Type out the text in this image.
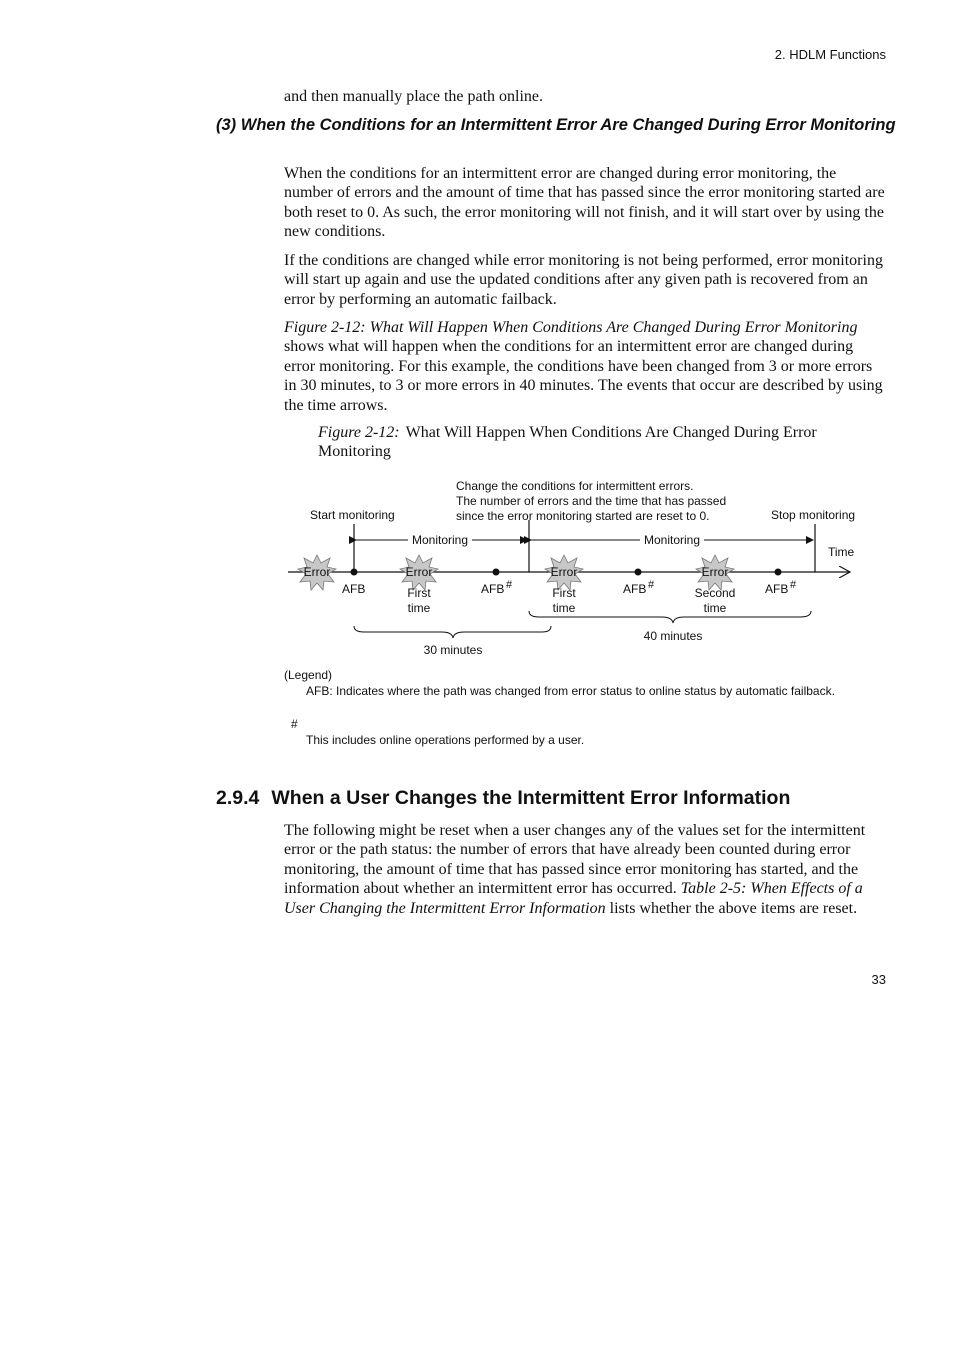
2. HDLM Functions

and then manually place the path online.

(3) When the Conditions for an Intermittent Error Are Changed During Error Monitoring

When the conditions for an intermittent error are changed during error monitoring, the number of errors and the amount of time that has passed since the error monitoring started are both reset to 0. As such, the error monitoring will not finish, and it will start over by using the new conditions.

If the conditions are changed while error monitoring is not being performed, error monitoring will start up again and use the updated conditions after any given path is recovered from an error by performing an automatic failback.

Figure 2-12: What Will Happen When Conditions Are Changed During Error Monitoring shows what will happen when the conditions for an intermittent error are changed during error monitoring. For this example, the conditions have been changed from 3 or more errors in 30 minutes, to 3 or more errors in 40 minutes. The events that occur are described by using the time arrows.

Figure 2-12: What Will Happen When Conditions Are Changed During Error Monitoring

Change the conditions for intermittent errors.
The number of errors and the time that has passed
since the error monitoring started are reset to 0.
Start monitoring	Stop monitoring
Monitoring	Monitoring
Time
Error	Error	Error	Error
AFB	AFB #	AFB #	AFB #
First
time
First
time
Second
time
30 minutes
40 minutes
(Legend)
AFB: Indicates where the path was changed from error status to online status by automatic failback.
#
This includes online operations performed by a user.
2.9.4 When a User Changes the Intermittent Error Information

The following might be reset when a user changes any of the values set for the intermittent error or the path status: the number of errors that have already been counted during error monitoring, the amount of time that has passed since error monitoring has started, and the information about whether an intermittent error has occurred. Table 2-5: When Effects of a User Changing the Intermittent Error Information lists whether the above items are reset.

33
